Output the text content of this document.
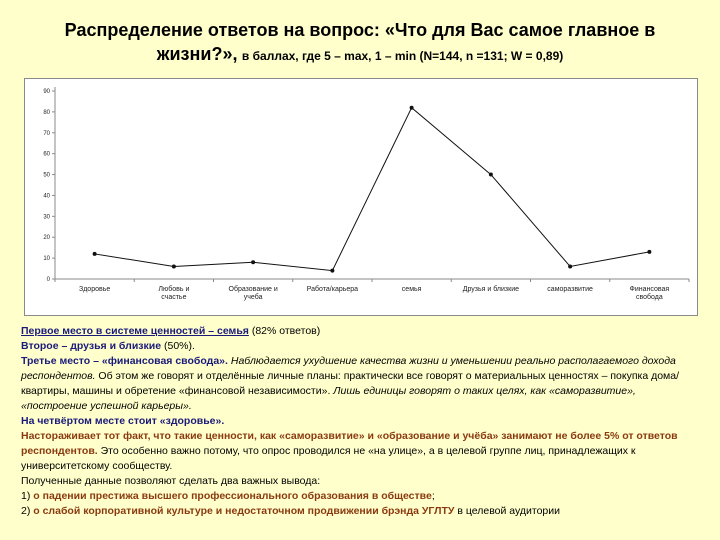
Распределение ответов на вопрос: «Что для Вас самое главное в
жизни?», в баллах, где 5 – max, 1 – min (N=144, n =131; W = 0,89)
0
10
20
30
40
50
60
70
80
90
Здоровье	Любовь и счастье
Образование и учеба
Работа/карьера	семья	Друзья и близкие	саморазвитие	Финансовая свобода

Первое место в системе ценностей – семья (82% ответов)

Второе – друзья и близкие (50%).

Третье место – «финансовая свобода». Наблюдается ухудшение качества жизни и уменьшении реально располагаемого дохода респондентов. Об этом же говорят и отделённые личные планы: практически все говорят о материальных ценностях – покупка дома/квартиры, машины и обретение «финансовой независимости». Лишь единицы говорят о таких целях, как «саморазвитие», «построение успешной карьеры».

На четвёртом месте стоит «здоровье».

Настораживает тот факт, что такие ценности, как «саморазвитие» и «образование и учёба» занимают не более 5% от ответов респондентов. Это особенно важно потому, что опрос проводился не «на улице», а в целевой группе лиц, принадлежащих к университетскому сообществу.

Полученные данные позволяют сделать два важных вывода:

1) о падении престижа высшего профессионального образования в обществе;

2) о слабой корпоративной культуре и недостаточном продвижении брэнда УГЛТУ в целевой аудитории
